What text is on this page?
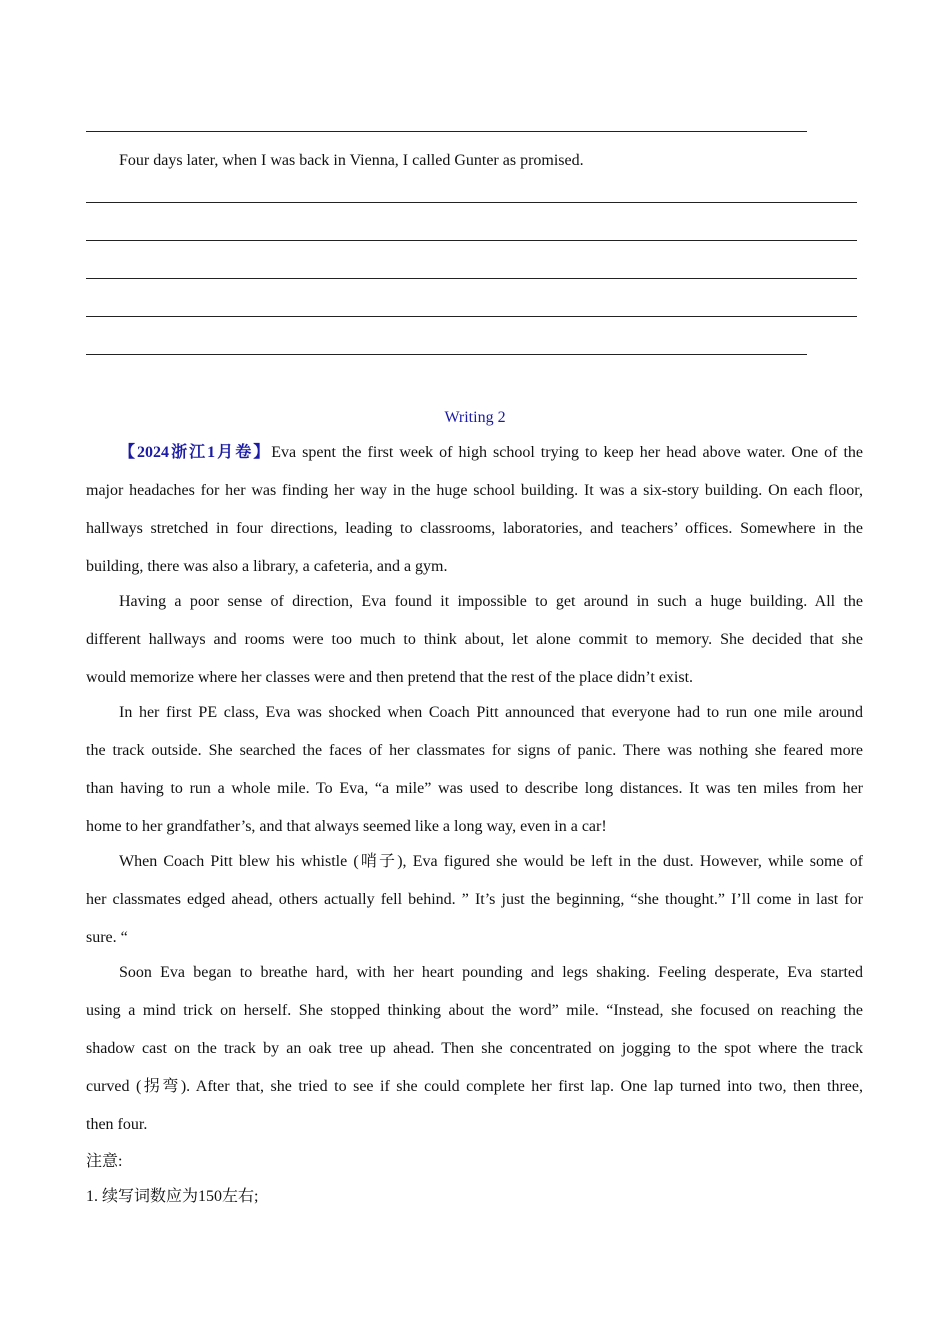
Four days later, when I was back in Vienna, I called Gunter as promised.
Writing 2
【2024浙江1月卷】Eva spent the first week of high school trying to keep her head above water. One of the
major headaches for her was finding her way in the huge school building. It was a six-story building. On each floor,
hallways stretched in four directions, leading to classrooms, laboratories, and teachers’ offices. Somewhere in the
building, there was also a library, a cafeteria, and a gym.
Having a poor sense of direction, Eva found it impossible to get around in such a huge building. All the
different hallways and rooms were too much to think about, let alone commit to memory. She decided that she
would memorize where her classes were and then pretend that the rest of the place didn’t exist.
In her first PE class, Eva was shocked when Coach Pitt announced that everyone had to run one mile around
the track outside. She searched the faces of her classmates for signs of panic. There was nothing she feared more
than having to run a whole mile. To Eva, “a mile” was used to describe long distances. It was ten miles from her
home to her grandfather’s, and that always seemed like a long way, even in a car!
When Coach Pitt blew his whistle (哨子), Eva figured she would be left in the dust. However, while some of
her classmates edged ahead, others actually fell behind. ” It’s just the beginning, “she thought.” I’ll come in last for
sure. “
Soon Eva began to breathe hard, with her heart pounding and legs shaking. Feeling desperate, Eva started
using a mind trick on herself. She stopped thinking about the word” mile. “Instead, she focused on reaching the
shadow cast on the track by an oak tree up ahead. Then she concentrated on jogging to the spot where the track
curved (拐弯). After that, she tried to see if she could complete her first lap. One lap turned into two, then three,
then four.
注意:
1. 续写词数应为150左右;
